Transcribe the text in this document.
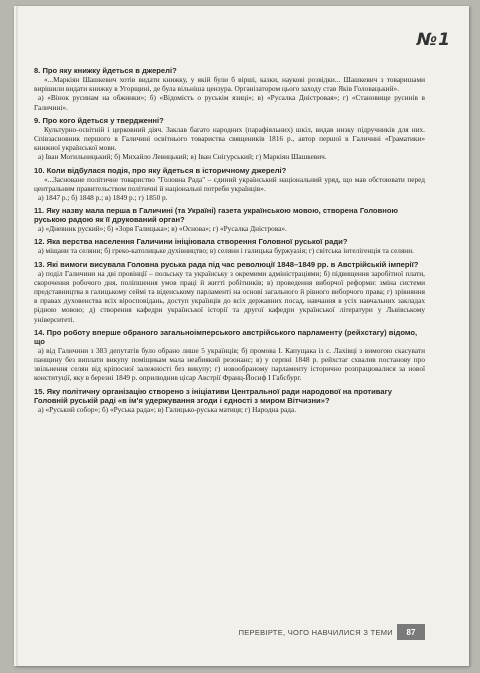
№1
8. Про яку книжку йдеться в джерелі?
«...Маркіян Шашкевич хотів видати книжку, у якій були б вірші, казки, наукові розвідки... Шашкевич з товаришами вирішили видати книжку в Угорщині, де була вільніша цензура. Організатором цього заходу став Яків Головацький».
а) «Вінок русинам на обжинки»; б) «Відомість о руськім язиці»; в) «Русалка Дністровая»; г) «Становище русинів в Галичині».
9. Про кого йдеться у твердженні?
Культурно-освітній і церковний діяч. Заклав багато народних (парафіяльних) шкіл, видав низку підручників для них. Співзасновник першого в Галичині освітнього товариства священиків 1816 р., автор першої в Галичині «Граматики» книжної української мови.
а) Іван Могильницький; б) Михайло Левицький; в) Іван Снігурський; г) Маркіян Шашкевич.
10. Коли відбулася подія, про яку йдеться в історичному джерелі?
«...Засноване політичне товариство "Головна Рада" – єдиний український національний уряд, що мав обстоювати перед центральним правительством політичні й національні потреби українців».
а) 1847 р.; б) 1848 р.; в) 1849 р.; г) 1850 р.
11. Яку назву мала перша в Галичині (та Україні) газета українською мовою, створена Головною руською радою як її друкований орган?
а) «Дневник руский»; б) «Зоря Галицька»; в) «Основа»; г) «Русалка Дністрова».
12. Яка верства населення Галичини ініціювала створення Головної руської ради?
а) міщани та селяни; б) греко-католицьке духівництво; в) селяни і галицька буржуазія; г) світська інтелігенція та селяни.
13. Які вимоги висувала Головна руська рада під час революції 1848–1849 рр. в Австрійській імперії?
а) поділ Галичини на дві провінції – польську та українську з окремими адміністраціями; б) підвищення заробітної плати, скорочення робочого дня, поліпшення умов праці й житті робітників; в) проведення виборчої реформи: зміна системи представництва в галицькому сеймі та віденському парламенті на основі загального й рівного виборчого права; г) зрівняння в правах духовенства всіх віросповідань, доступ українців до всіх державних посад, навчання в усіх навчальних закладах рідною мовою; д) створення кафедри української історії та другої кафедри української літератури у Львівському університеті.
14. Про роботу вперше обраного загальноімперського австрійського парламенту (рейхстагу) відомо, що
а) від Галичини з 383 депутатів було обрано лише 5 українців; б) промова І. Капущака із с. Лахівці з вимогою скасувати панщину без виплати викупу поміщикам мала неабиякий резонанс; в) у серпні 1848 р. рейхстаг схвалив постанову про звільнення селян від кріпосної залежності без викупу; г) новообраному парламенту історично розпрацювалися за нової конституції, яку в березні 1849 р. оприлюднив цісар Австрії Франц-Йосиф І Габсбург.
15. Яку політичну організацію створено з ініціативи Центральної ради народової на противагу Головній руській раді «в ім'я удержування згоди і єдності з миром Вітчизни»?
а) «Руський собор»; б) «Руська рада»; в) Галицько-руська матиця; г) Народна рада.
ПЕРЕВІРТЕ, ЧОГО НАВЧИЛИСЯ З ТЕМИ	87
